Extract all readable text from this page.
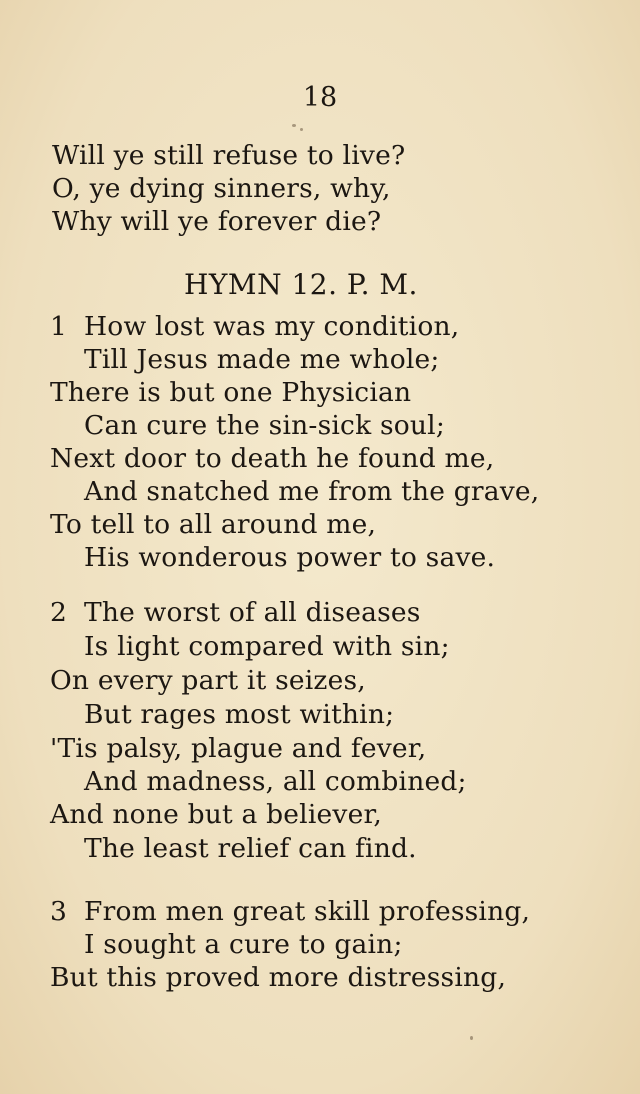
18
Will ye still refuse to live?
O, ye dying sinners, why,
Why will ye forever die?
HYMN 12. P. M.
1 How lost was my condition,
Till Jesus made me whole;
There is but one Physician
Can cure the sin-sick soul;
Next door to death he found me,
And snatched me from the grave,
To tell to all around me,
His wonderous power to save.
2 The worst of all diseases
Is light compared with sin;
On every part it seizes,
But rages most within;
'Tis palsy, plague and fever,
And madness, all combined;
And none but a believer,
The least relief can find.
3 From men great skill professing,
I sought a cure to gain;
But this proved more distressing,
